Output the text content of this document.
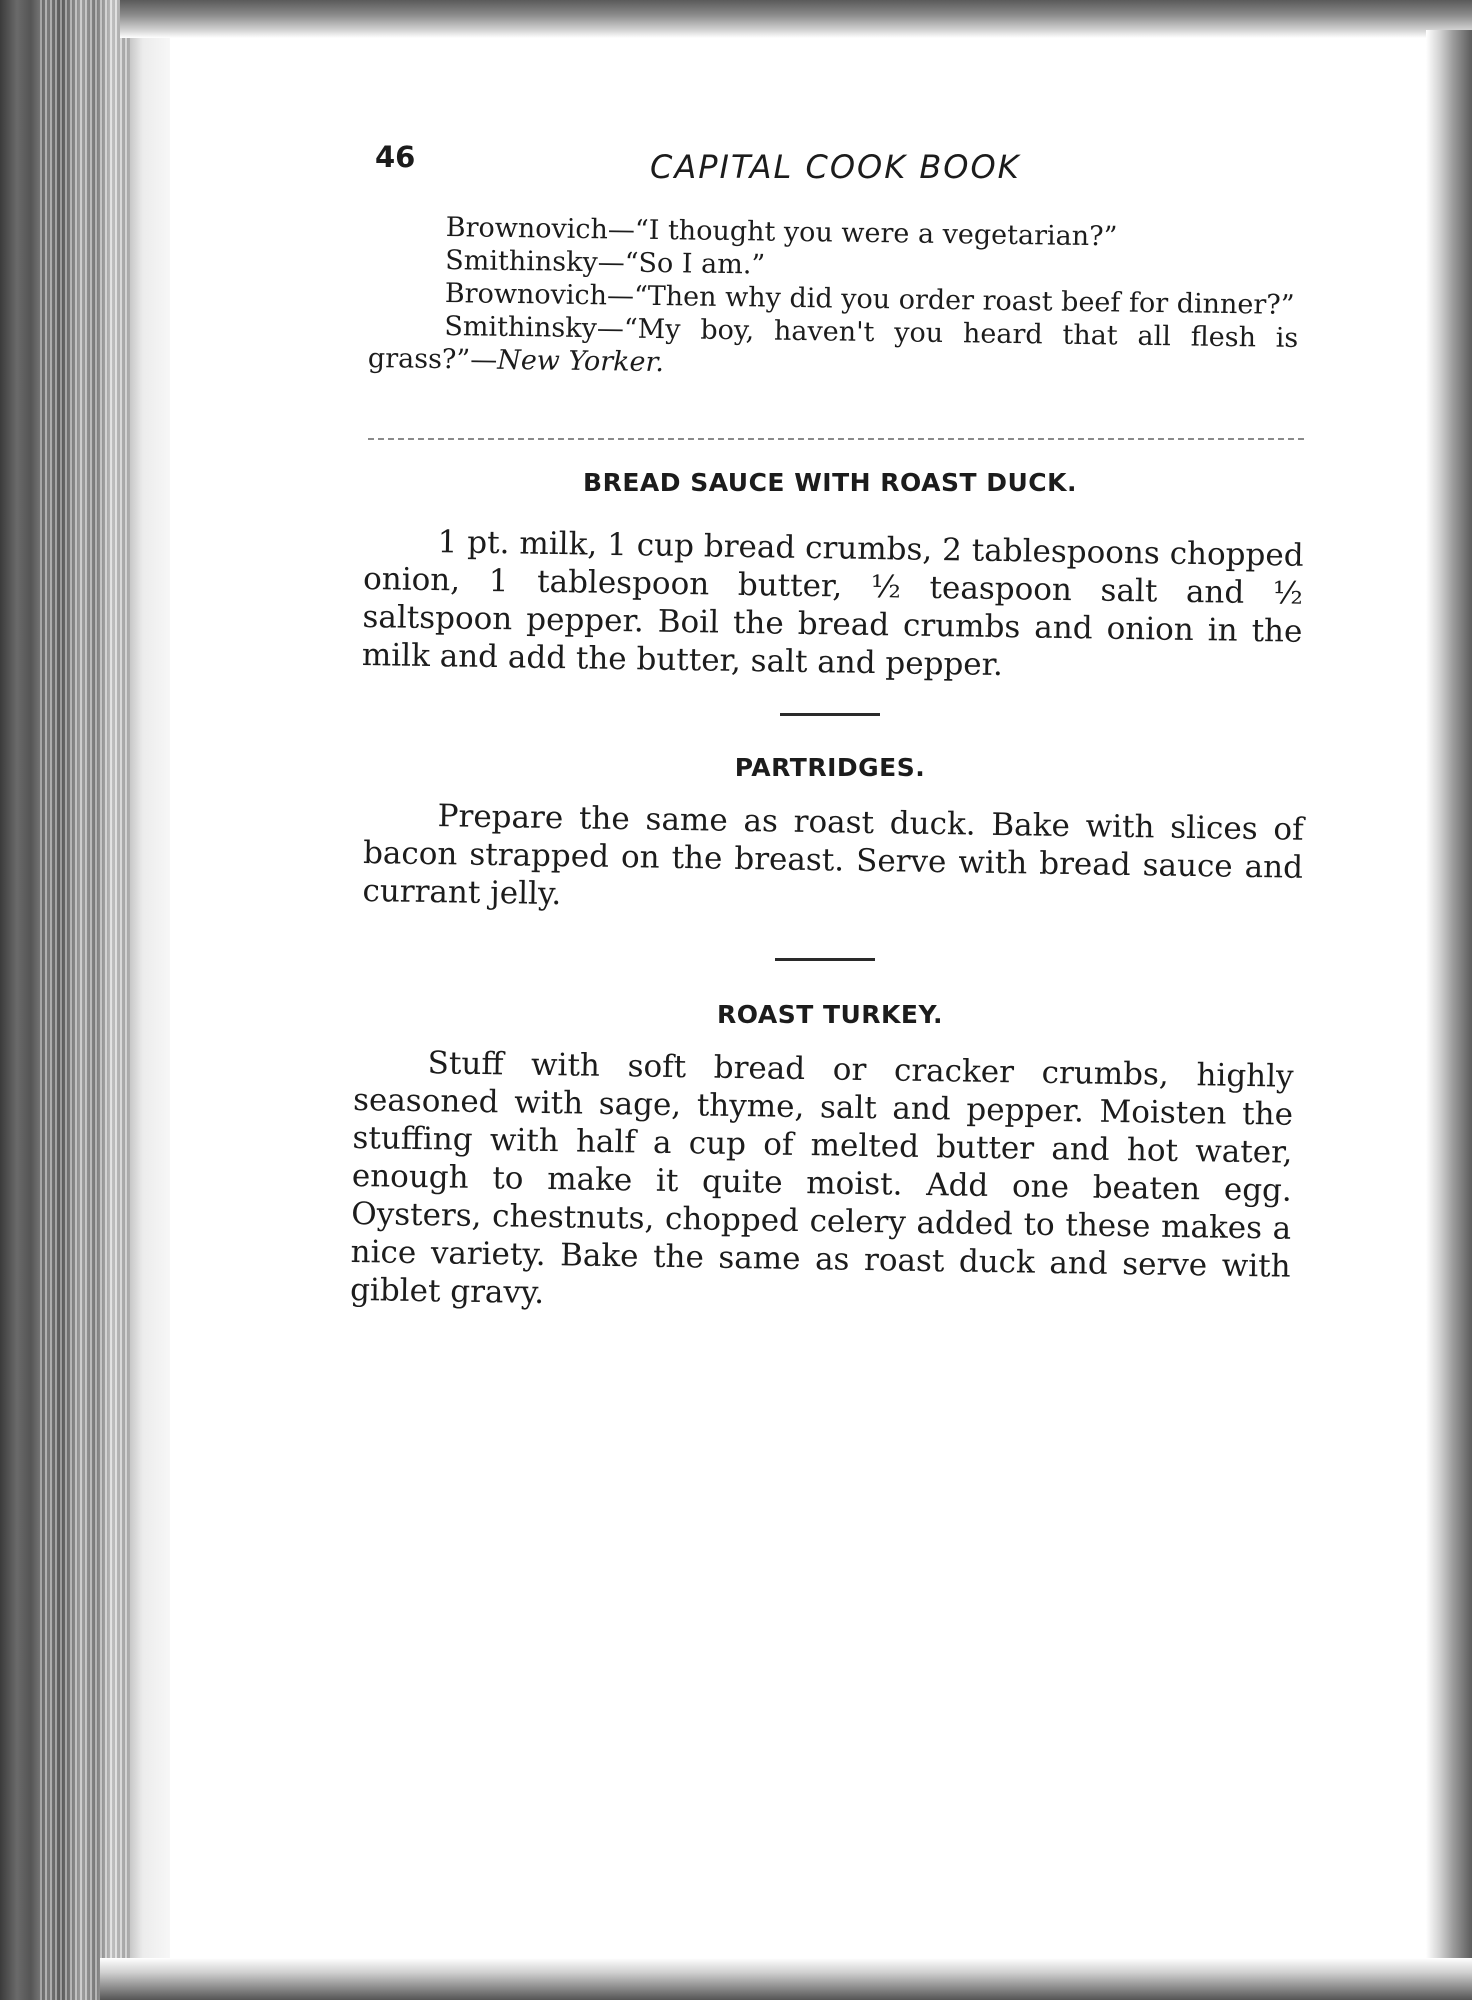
46	CAPITAL COOK BOOK

Brownovich—“I thought you were a vegetarian?”

Smithinsky—“So I am.”

Brownovich—“Then why did you order roast beef for dinner?”

Smithinsky—“My boy, haven't you heard that all flesh is grass?”—New Yorker.

BREAD SAUCE WITH ROAST DUCK.

1 pt. milk, 1 cup bread crumbs, 2 tablespoons chopped onion, 1 tablespoon butter, ½ teaspoon salt and ½ saltspoon pepper. Boil the bread crumbs and onion in the milk and add the butter, salt and pepper.

PARTRIDGES.

Prepare the same as roast duck. Bake with slices of bacon strapped on the breast. Serve with bread sauce and currant jelly.

ROAST TURKEY.

Stuff with soft bread or cracker crumbs, highly seasoned with sage, thyme, salt and pepper. Moisten the stuffing with half a cup of melted butter and hot water, enough to make it quite moist. Add one beaten egg. Oysters, chestnuts, chopped celery added to these makes a nice variety. Bake the same as roast duck and serve with giblet gravy.
